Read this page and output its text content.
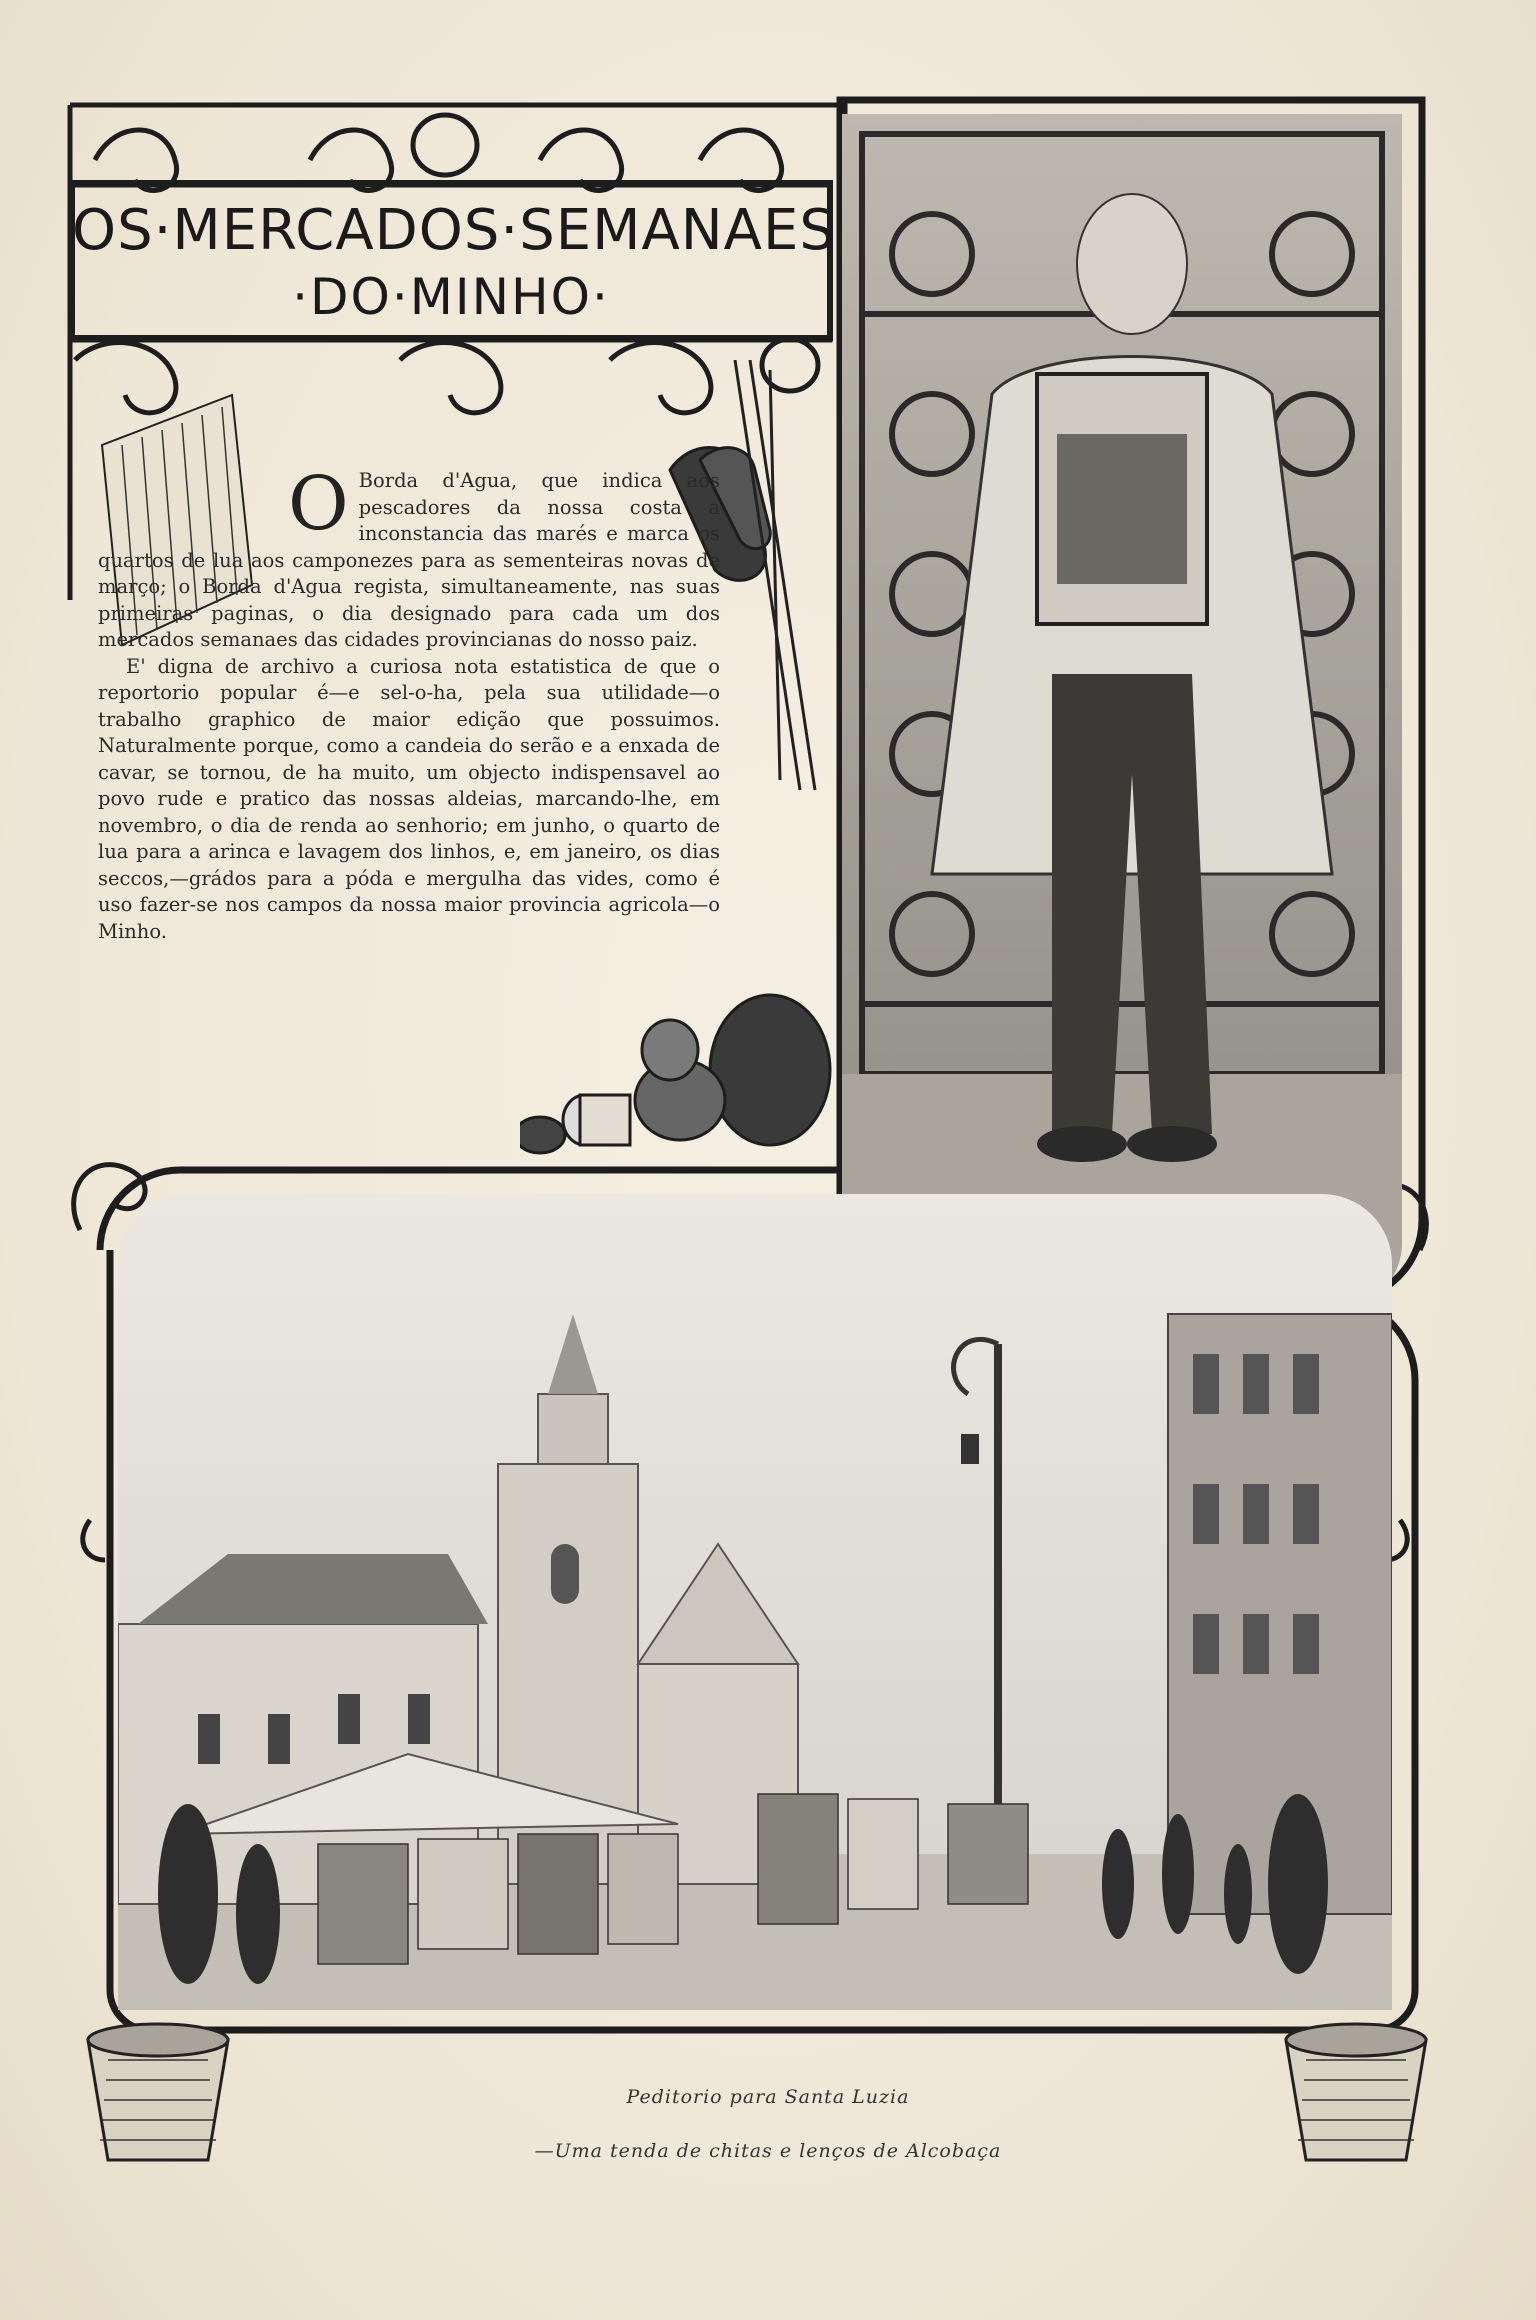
OS·MERCADOS·SEMANAES
·DO·MINHO·
O Borda d'Agua, que indica aos pescadores da nossa costa a inconstancia das marés e marca os quartos de lua aos camponezes para as sementeiras novas de março; o Borda d'Agua regista, simultaneamente, nas suas primeiras paginas, o dia designado para cada um dos mercados semanaes das cidades provincianas do nosso paiz.

E' digna de archivo a curiosa nota estatistica de que o reportorio popular é—e sel-o-ha, pela sua utilidade—o trabalho graphico de maior edição que possuimos. Naturalmente porque, como a candeia do serão e a enxada de cavar, se tornou, de ha muito, um objecto indispensavel ao povo rude e pratico das nossas aldeias, marcando-lhe, em novembro, o dia de renda ao senhorio; em junho, o quarto de lua para a arinca e lavagem dos linhos, e, em janeiro, os dias seccos,—grádos para a póda e mergulha das vides, como é uso fazer-se nos campos da nossa maior provincia agricola—o Minho.

Peditorio para Santa Luzia
—Uma tenda de chitas e lenços de Alcobaça
